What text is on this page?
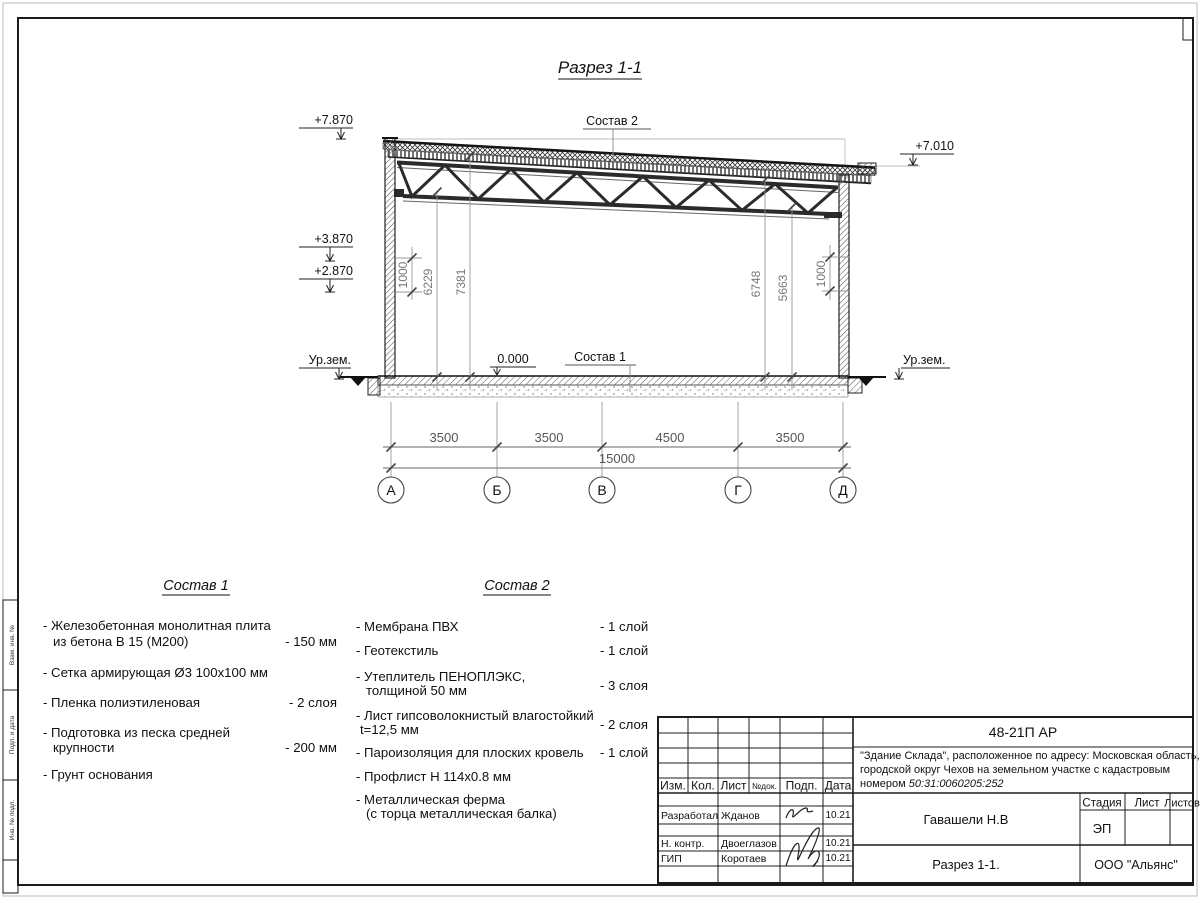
Взам. инв. №
Подп. и дата
Инв. № подл.
Разрез 1-1
+7.870
+3.870
+2.870
Ур.зем.	0.000
+7.010
Ур.зем.
Состав 2
Состав 1
1000 6229 7381	6748 5663
1000
3500	3500	4500	3500
15000
А	Б	В	Г	Д
Состав 1
- Железобетонная монолитная плита
из бетона В 15 (М200)	- 150 мм
- Сетка армирующая Ø3 100х100 мм
- Пленка полиэтиленовая	- 2 слоя
- Подготовка из песка средней
крупности	- 200 мм
- Грунт основания
Состав 2
- Мембрана ПВХ	- 1 слой
- Геотекстиль	- 1 слой
- Утеплитель ПЕНОПЛЭКС,
толщиной 50 мм	- 3 слоя
- Лист гипсоволокнистый влагостойкий
t=12,5 мм	- 2 слоя
- Пароизоляция для плоских кровель - 1 слой
- Профлист Н 114х0.8 мм
- Металлическая ферма
(с торца металлическая балка)
Изм. Кол. Лист №док. Подп. Дата
Разработал Жданов	10.21
Н. контр. Двоеглазов	10.21
ГИП	Коротаев	10.21
48-21П АР
"Здание Склада", расположенное по адресу: Московская область,
городской округ Чехов на земельном участке с кадастровым
номером 50:31:0060205:252
Гавашели Н.В
Разрез 1-1.
Стадия Лист Листов
ЭП
ООО "Альянс"
